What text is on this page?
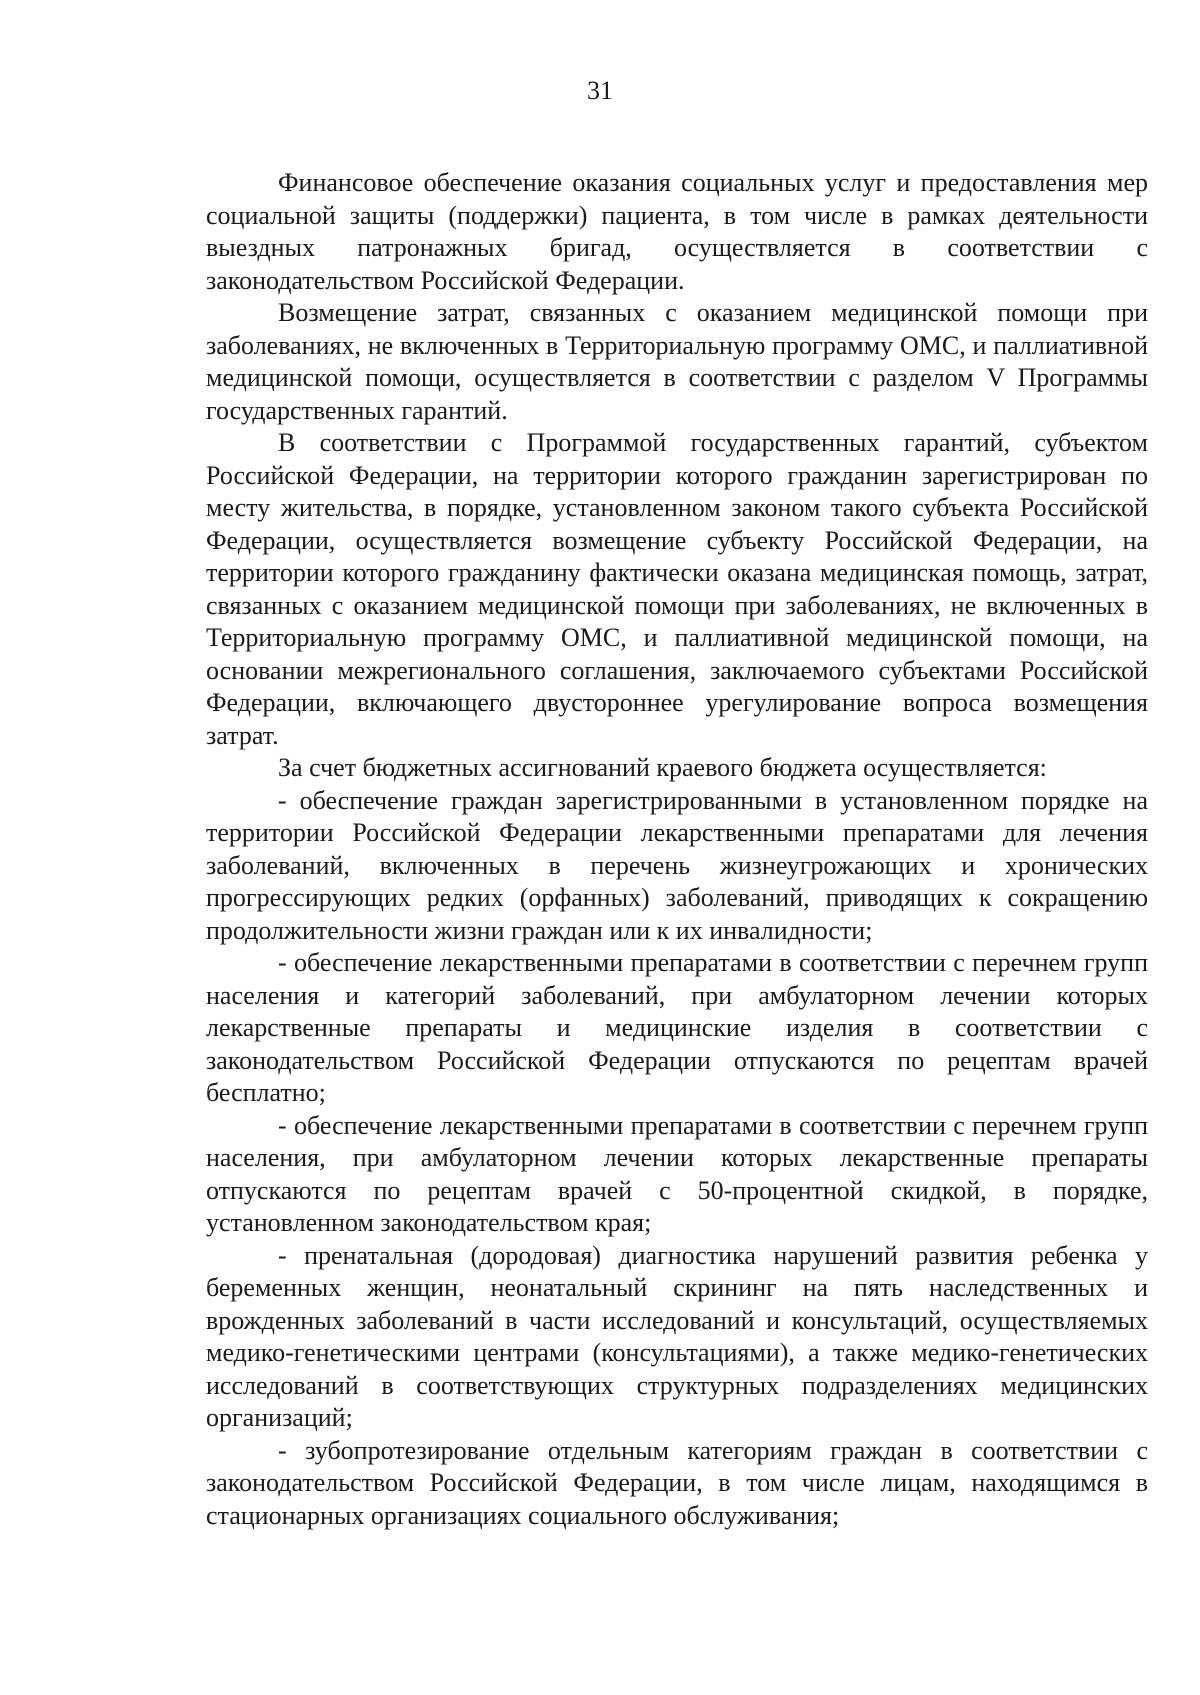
31

Финансовое обеспечение оказания социальных услуг и предоставления мер социальной защиты (поддержки) пациента, в том числе в рамках деятельности выездных патронажных бригад, осуществляется в соответствии с законодательством Российской Федерации.

Возмещение затрат, связанных с оказанием медицинской помощи при заболеваниях, не включенных в Территориальную программу ОМС, и паллиативной медицинской помощи, осуществляется в соответствии с разделом V Программы государственных гарантий.

В соответствии с Программой государственных гарантий, субъектом Российской Федерации, на территории которого гражданин зарегистрирован по месту жительства, в порядке, установленном законом такого субъекта Российской Федерации, осуществляется возмещение субъекту Российской Федерации, на территории которого гражданину фактически оказана медицинская помощь, затрат, связанных с оказанием медицинской помощи при заболеваниях, не включенных в Территориальную программу ОМС, и паллиативной медицинской помощи, на основании межрегионального соглашения, заключаемого субъектами Российской Федерации, включающего двустороннее урегулирование вопроса возмещения затрат.

За счет бюджетных ассигнований краевого бюджета осуществляется:

- обеспечение граждан зарегистрированными в установленном порядке на территории Российской Федерации лекарственными препаратами для лечения заболеваний, включенных в перечень жизнеугрожающих и хронических прогрессирующих редких (орфанных) заболеваний, приводящих к сокращению продолжительности жизни граждан или к их инвалидности;

- обеспечение лекарственными препаратами в соответствии с перечнем групп населения и категорий заболеваний, при амбулаторном лечении которых лекарственные препараты и медицинские изделия в соответствии с законодательством Российской Федерации отпускаются по рецептам врачей бесплатно;

- обеспечение лекарственными препаратами в соответствии с перечнем групп населения, при амбулаторном лечении которых лекарственные препараты отпускаются по рецептам врачей с 50-процентной скидкой, в порядке, установленном законодательством края;

- пренатальная (дородовая) диагностика нарушений развития ребенка у беременных женщин, неонатальный скрининг на пять наследственных и врожденных заболеваний в части исследований и консультаций, осуществляемых медико-генетическими центрами (консультациями), а также медико-генетических исследований в соответствующих структурных подразделениях медицинских организаций;

- зубопротезирование отдельным категориям граждан в соответствии с законодательством Российской Федерации, в том числе лицам, находящимся в стационарных организациях социального обслуживания;
